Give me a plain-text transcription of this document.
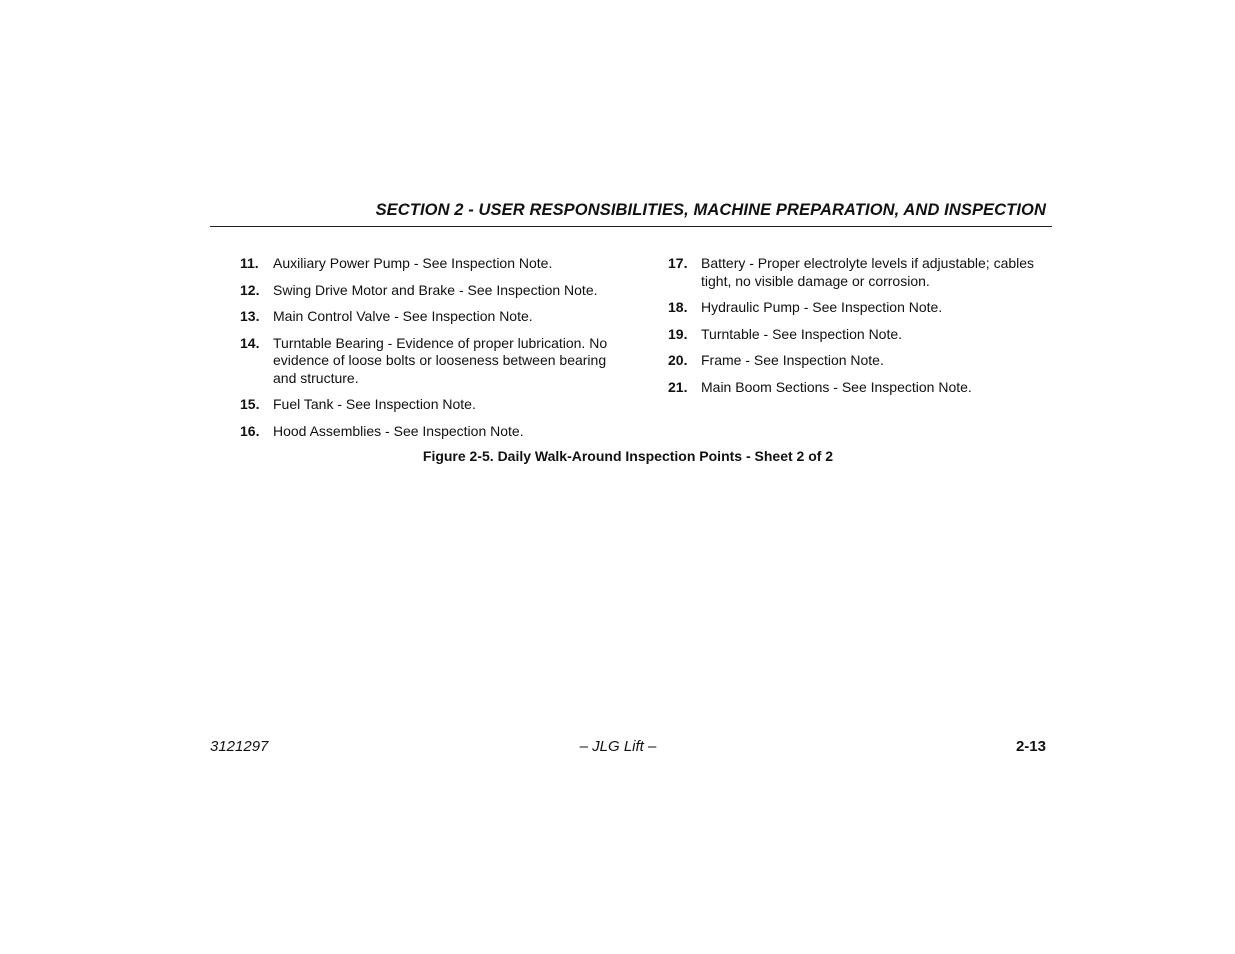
SECTION 2 - USER RESPONSIBILITIES, MACHINE PREPARATION, AND INSPECTION
11.	Auxiliary Power Pump - See Inspection Note.
12. Swing Drive Motor and Brake - See Inspection Note.
13. Main Control Valve - See Inspection Note.
14. Turntable Bearing - Evidence of proper lubrication. No evidence of loose bolts or looseness between bearing and structure.
15. Fuel Tank - See Inspection Note.
16. Hood Assemblies - See Inspection Note.
17. Battery - Proper electrolyte levels if adjustable; cables tight, no visible damage or corrosion.
18. Hydraulic Pump - See Inspection Note.
19. Turntable - See Inspection Note.
20. Frame - See Inspection Note.
21. Main Boom Sections - See Inspection Note.
Figure 2-5. Daily Walk-Around Inspection Points - Sheet 2 of 2
3121297	– JLG Lift –	2-13
